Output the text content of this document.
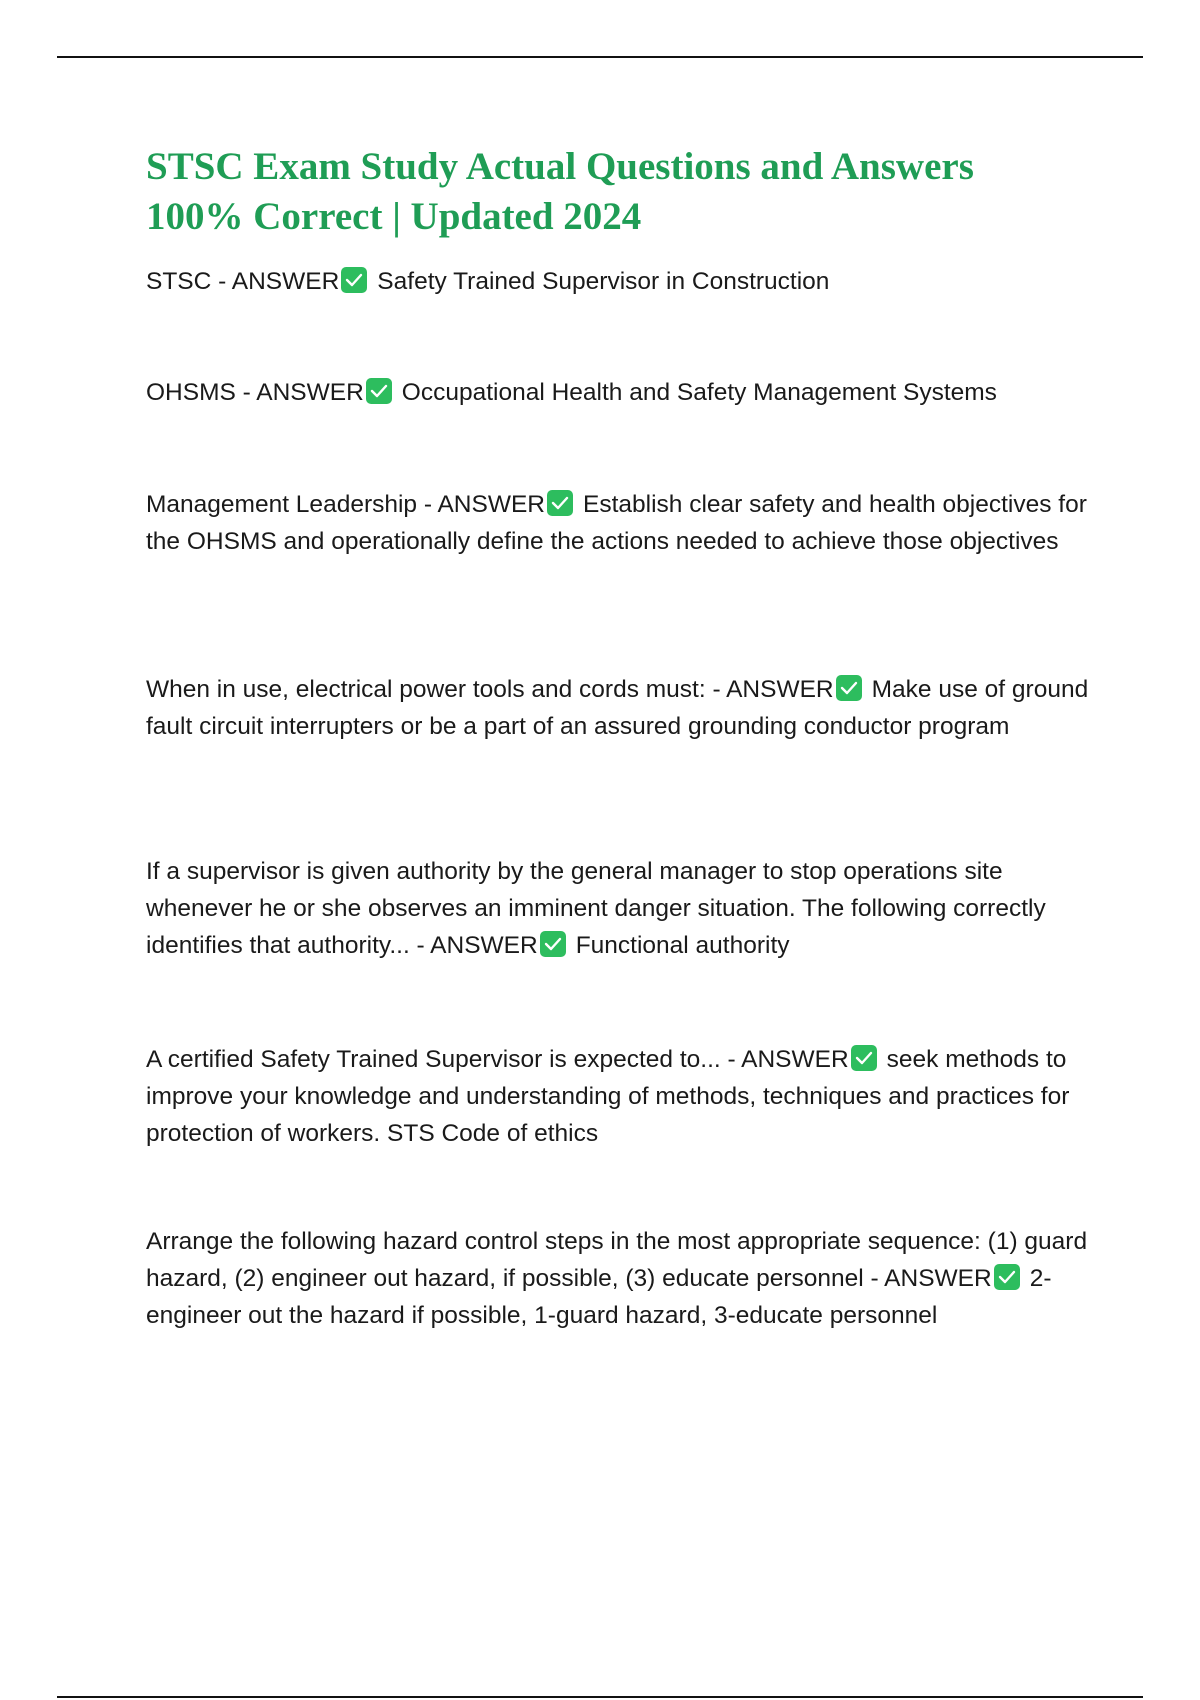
STSC Exam Study Actual Questions and Answers
100% Correct | Updated 2024

STSC - ANSWER Safety Trained Supervisor in Construction

OHSMS - ANSWER Occupational Health and Safety Management Systems

Management Leadership - ANSWER Establish clear safety and health objectives for the OHSMS and operationally define the actions needed to achieve those objectives

When in use, electrical power tools and cords must: - ANSWER Make use of ground fault circuit interrupters or be a part of an assured grounding conductor program

If a supervisor is given authority by the general manager to stop operations site whenever he or she observes an imminent danger situation. The following correctly identifies that authority... - ANSWER Functional authority

A certified Safety Trained Supervisor is expected to... - ANSWER seek methods to improve your knowledge and understanding of methods, techniques and practices for protection of workers. STS Code of ethics

Arrange the following hazard control steps in the most appropriate sequence: (1) guard hazard, (2) engineer out hazard, if possible, (3) educate personnel - ANSWER 2-engineer out the hazard if possible, 1-guard hazard, 3-educate personnel
